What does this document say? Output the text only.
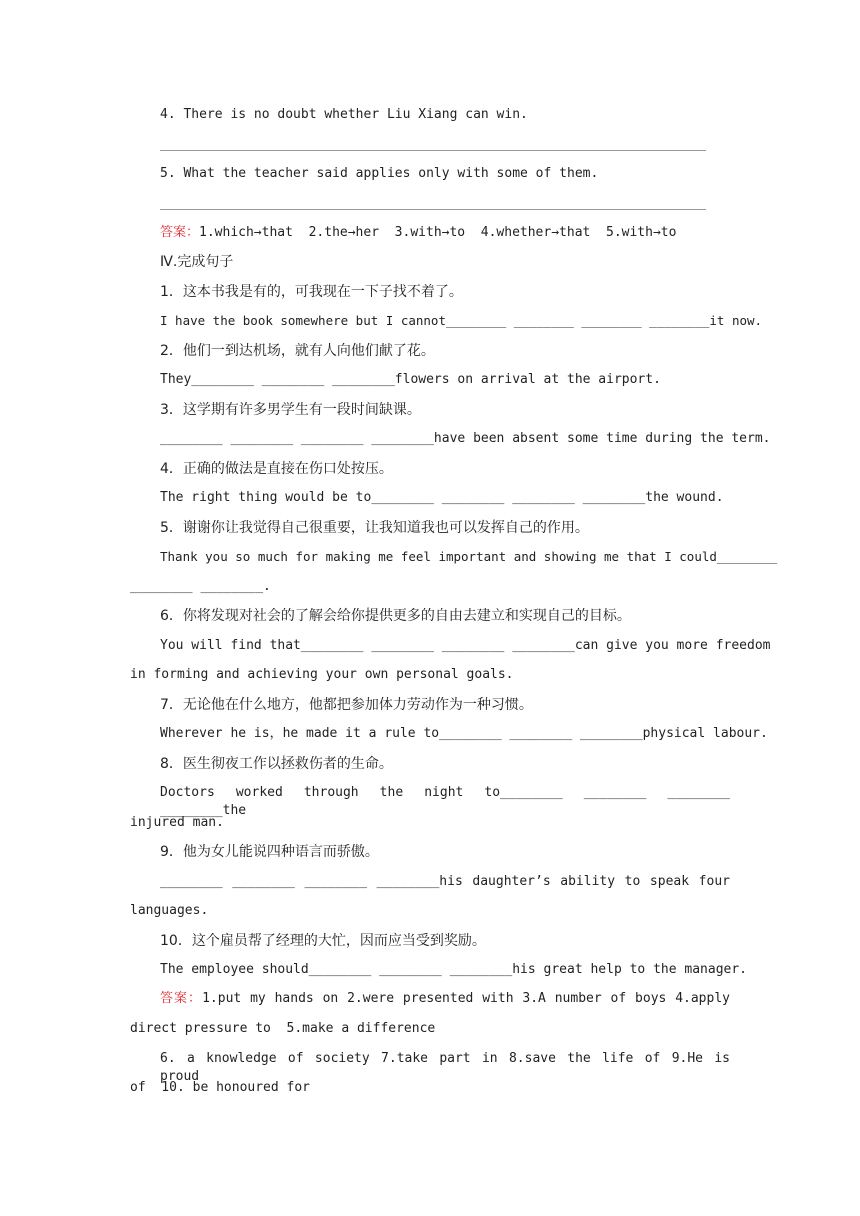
4. There is no doubt whether Liu Xiang can win.
5. What the teacher said applies only with some of them.
答案：1.which→that  2.the→her  3.with→to  4.whether→that  5.with→to
Ⅳ.完成句子
1．这本书我是有的，可我现在一下子找不着了。
I have the book somewhere but I cannot________ ________ ________ ________it now.
2．他们一到达机场，就有人向他们献了花。
They________ ________ ________flowers on arrival at the airport.
3．这学期有许多男学生有一段时间缺课。
________ ________ ________ ________have been absent some time during the term.
4．正确的做法是直接在伤口处按压。
The right thing would be to________ ________ ________ ________the wound.
5．谢谢你让我觉得自己很重要，让我知道我也可以发挥自己的作用。
Thank you so much for making me feel important and showing me that I could________
________ ________.
6．你将发现对社会的了解会给你提供更多的自由去建立和实现自己的目标。
You will find that________ ________ ________ ________can give you more freedom
in forming and achieving your own personal goals.
7．无论他在什么地方，他都把参加体力劳动作为一种习惯。
Wherever he is，he made it a rule to________ ________ ________physical labour.
8．医生彻夜工作以拯救伤者的生命。
Doctors worked through the night to________ ________ ________ ________the
injured man.
9．他为女儿能说四种语言而骄傲。
________ ________ ________ ________his daughter’s ability to speak four
languages.
10．这个雇员帮了经理的大忙，因而应当受到奖励。
The employee should________ ________ ________his great help to the manager.
答案：1.put my hands on 2.were presented with 3.A number of boys 4.apply
direct pressure to  5.make a difference
6. a knowledge of society 7.take part in 8.save the life of 9.He is proud
of  10. be honoured for
